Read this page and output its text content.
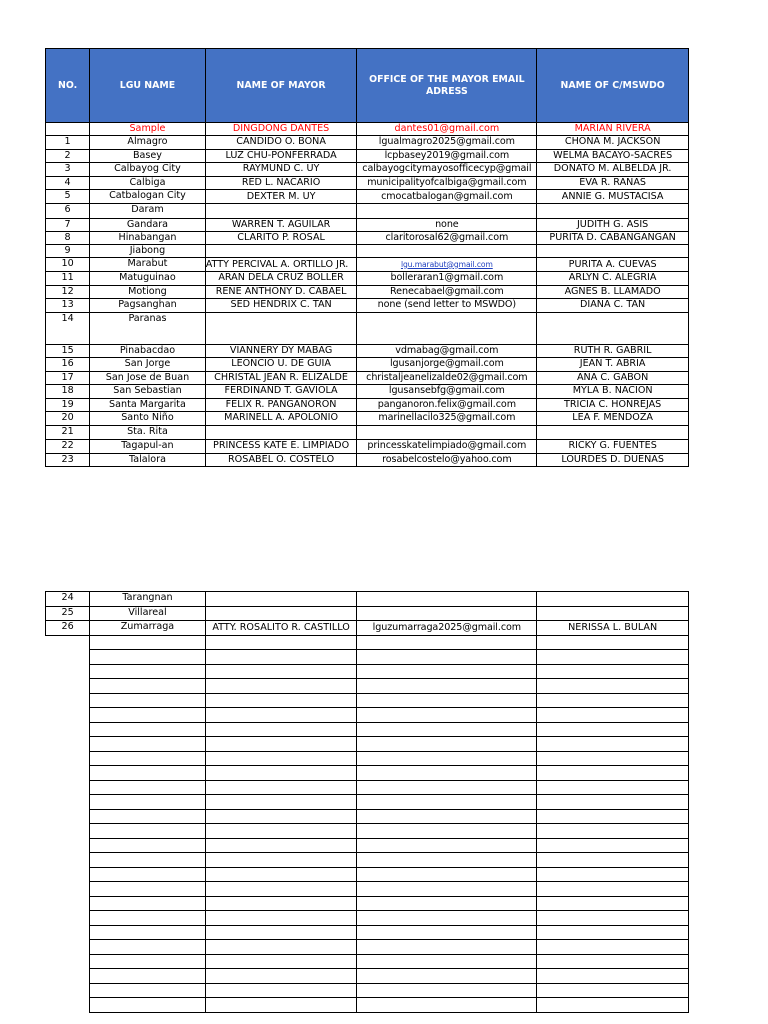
NO.	LGU NAME	NAME OF MAYOR	OFFICE OF THE MAYOR EMAIL ADRESS	NAME OF C/MSWDO
	Sample	DINGDONG DANTES	dantes01@gmail.com	MARIAN RIVERA
1	Almagro	CANDIDO O. BONA	lgualmagro2025@gmail.com	CHONA M. JACKSON
2	Basey	LUZ CHU-PONFERRADA	lcpbasey2019@gmail.com	WELMA BACAYO-SACRES
3	Calbayog City	RAYMUND C. UY	calbayogcitymayosofficecyp@gmail	DONATO M. ALBELDA JR.
4	Calbiga	RED L. NACARIO	municipalityofcalbiga@gmail.com	EVA R. RANAS
5	Catbalogan City	DEXTER M. UY	cmocatbalogan@gmail.com	ANNIE G. MUSTACISA
6	Daram			
7	Gandara	WARREN T. AGUILAR	none	JUDITH G. ASIS
8	Hinabangan	CLARITO P. ROSAL	claritorosal62@gmail.com	PURITA D. CABANGANGAN
9	Jiabong			
10	Marabut	ATTY PERCIVAL A. ORTILLO JR.	lgu.marabut@gmail.com	PURITA A. CUEVAS
11	Matuguinao	ARAN DELA CRUZ BOLLER	bolleraran1@gmail.com	ARLYN C. ALEGRIA
12	Motiong	RENE ANTHONY D. CABAEL	Renecabael@gmail.com	AGNES B. LLAMADO
13	Pagsanghan	SED HENDRIX C. TAN	none (send letter to MSWDO)	DIANA C. TAN
14	Paranas			
15	Pinabacdao	VIANNERY DY MABAG	vdmabag@gmail.com	RUTH R. GABRIL
16	San Jorge	LEONCIO U. DE GUIA	lgusanjorge@gmail.com	JEAN T. ABRIA
17	San Jose de Buan	CHRISTAL JEAN R. ELIZALDE	christaljeanelizalde02@gmail.com	ANA C. GABON
18	San Sebastian	FERDINAND T. GAVIOLA	lgusansebfg@gmail.com	MYLA B. NACION
19	Santa Margarita	FELIX R. PANGANORON	panganoron.felix@gmail.com	TRICIA C. HONREJAS
20	Santo Niño	MARINELL A. APOLONIO	marinellacilo325@gmail.com	LEA F. MENDOZA
21	Sta. Rita			
22	Tagapul-an	PRINCESS KATE E. LIMPIADO	princesskatelimpiado@gmail.com	RICKY G. FUENTES
23	Talalora	ROSABEL O. COSTELO	rosabelcostelo@yahoo.com	LOURDES D. DUENAS
24	Tarangnan			
25	Villareal			
26	Zumarraga	ATTY. ROSALITO R. CASTILLO	lguzumarraga2025@gmail.com	NERISSA L. BULAN
